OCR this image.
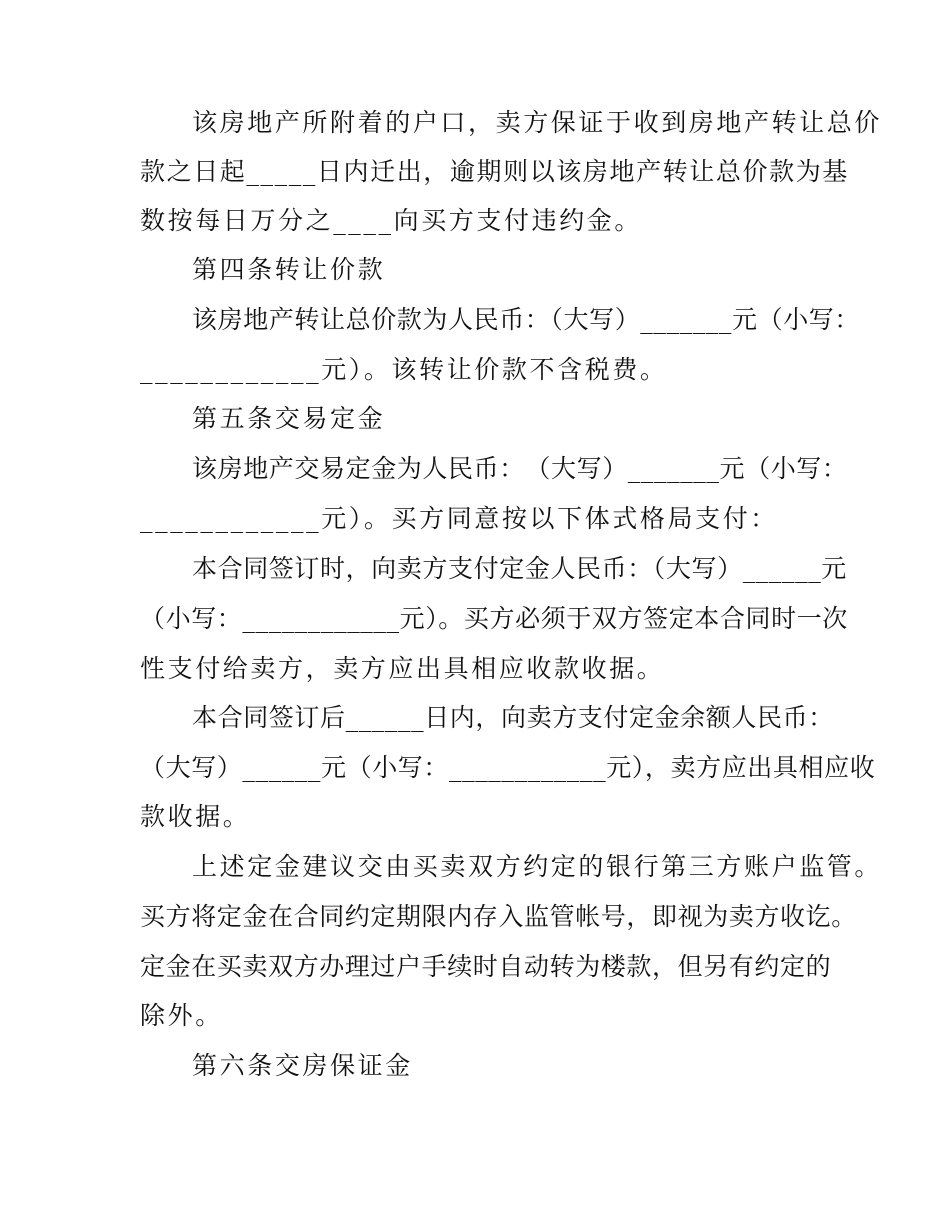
该房地产所附着的户口，卖方保证于收到房地产转让总价
款之日起_____日内迁出，逾期则以该房地产转让总价款为基
数按每日万分之____向买方支付违约金。
第四条转让价款
该房地产转让总价款为人民币：（大写）_______元（小写：
____________元）。该转让价款不含税费。
第五条交易定金
该房地产交易定金为人民币：　（大写）_______元（小写：
____________元）。买方同意按以下体式格局支付：
本合同签订时，向卖方支付定金人民币：（大写）______元
（小写：____________元）。买方必须于双方签定本合同时一次
性支付给卖方，卖方应出具相应收款收据。
本合同签订后______日内，向卖方支付定金余额人民币：
（大写）______元（小写：____________元），卖方应出具相应收
款收据。
上述定金建议交由买卖双方约定的银行第三方账户监管。
买方将定金在合同约定期限内存入监管帐号，即视为卖方收讫。
定金在买卖双方办理过户手续时自动转为楼款，但另有约定的
除外。
第六条交房保证金
